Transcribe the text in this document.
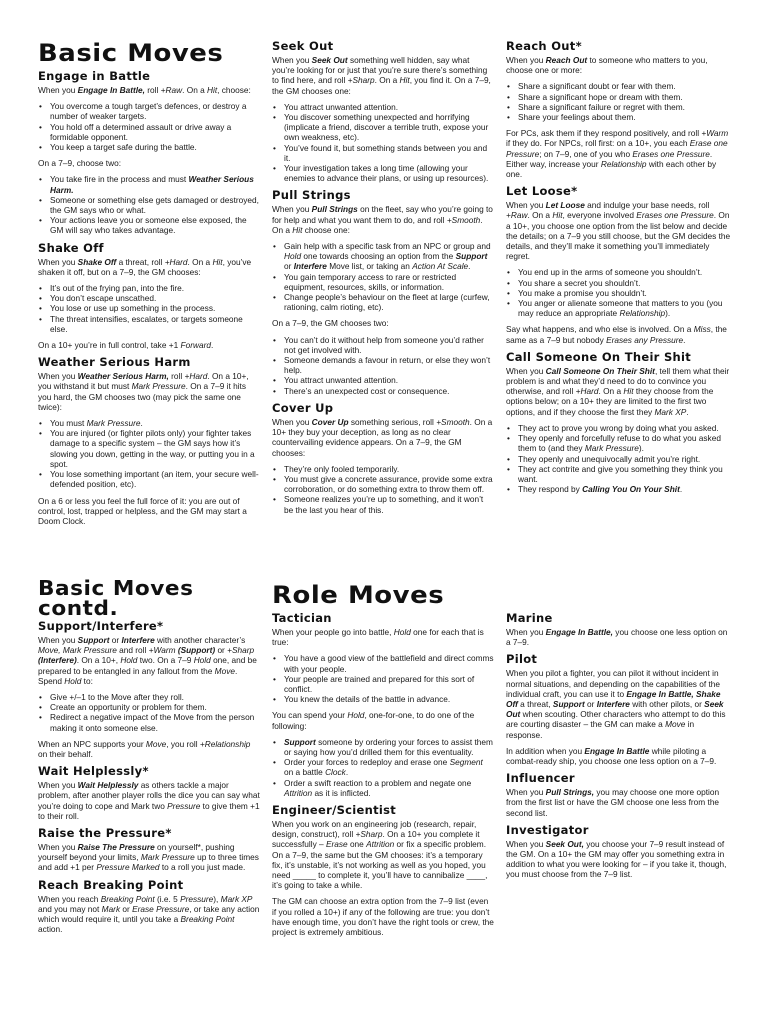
Basic Moves
Engage in Battle

When you Engage In Battle, roll +Raw. On a Hit, choose:

• You overcome a tough target’s defences, or destroy a number of weaker targets.
• You hold off a determined assault or drive away a formidable opponent.
• You keep a target safe during the battle.

On a 7–9, choose two:

• You take fire in the process and must Weather Serious Harm.
• Someone or something else gets damaged or destroyed, the GM says who or what.
• Your actions leave you or someone else exposed, the GM will say who takes advantage.
Shake Off

When you Shake Off a threat, roll +Hard. On a Hit, you’ve shaken it off, but on a 7–9, the GM chooses:

• It’s out of the frying pan, into the fire.
• You don’t escape unscathed.
• You lose or use up something in the process.
• The threat intensifies, escalates, or targets someone else.

On a 10+ you’re in full control, take +1 Forward.

Weather Serious Harm

When you Weather Serious Harm, roll +Hard. On a 10+, you withstand it but must Mark Pressure. On a 7–9 it hits you hard, the GM chooses two (may pick the same one twice):

• You must Mark Pressure.
• You are injured (or fighter pilots only) your fighter takes damage to a specific system – the GM says how it’s slowing you down, getting in the way, or putting you in a spot.
• You lose something important (an item, your secure well-defended position, etc).

On a 6 or less you feel the full force of it: you are out of control, lost, trapped or helpless, and the GM may start a Doom Clock.

Seek Out

When you Seek Out something well hidden, say what you’re looking for or just that you’re sure there’s something to find here, and roll +Sharp. On a Hit, you find it. On a 7–9, the GM chooses one:

• You attract unwanted attention.
• You discover something unexpected and horrifying (implicate a friend, discover a terrible truth, expose your own weakness, etc).
• You’ve found it, but something stands between you and it.
• Your investigation takes a long time (allowing your enemies to advance their plans, or using up resources).
Pull Strings

When you Pull Strings on the fleet, say who you’re going to for help and what you want them to do, and roll +Smooth. On a Hit choose one:

• Gain help with a specific task from an NPC or group and Hold one towards choosing an option from the Support or Interfere Move list, or taking an Action At Scale.
• You gain temporary access to rare or restricted equipment, resources, skills, or information.
• Change people’s behaviour on the fleet at large (curfew, rationing, calm rioting, etc).

On a 7–9, the GM chooses two:

• You can’t do it without help from someone you’d rather not get involved with.
• Someone demands a favour in return, or else they won’t help.
• You attract unwanted attention.
• There’s an unexpected cost or consequence.
Cover Up

When you Cover Up something serious, roll +Smooth. On a 10+ they buy your deception, as long as no clear countervailing evidence appears. On a 7–9, the GM chooses:

• They’re only fooled temporarily.
• You must give a concrete assurance, provide some extra corroboration, or do something extra to throw them off.
• Someone realizes you’re up to something, and it won’t be the last you hear of this.
Reach Out*

When you Reach Out to someone who matters to you, choose one or more:

• Share a significant doubt or fear with them.
• Share a significant hope or dream with them.
• Share a significant failure or regret with them.
• Share your feelings about them.

For PCs, ask them if they respond positively, and roll +Warm if they do. For NPCs, roll first: on a 10+, you each Erase one Pressure; on 7–9, one of you who Erases one Pressure. Either way, increase your Relationship with each other by one.

Let Loose*

When you Let Loose and indulge your base needs, roll +Raw. On a Hit, everyone involved Erases one Pressure. On a 10+, you choose one option from the list below and decide the details; on a 7–9 you still choose, but the GM decides the details, and they’ll make it something you’ll immediately regret.

• You end up in the arms of someone you shouldn’t.
• You share a secret you shouldn’t.
• You make a promise you shouldn’t.
• You anger or alienate someone that matters to you (you may reduce an appropriate Relationship).

Say what happens, and who else is involved. On a Miss, the same as a 7–9 but nobody Erases any Pressure.

Call Someone On Their Shit

When you Call Someone On Their Shit, tell them what their problem is and what they’d need to do to convince you otherwise, and roll +Hard. On a Hit they choose from the options below; on a 10+ they are limited to the first two options, and if they choose the first they Mark XP.

• They act to prove you wrong by doing what you asked.
• They openly and forcefully refuse to do what you asked them to (and they Mark Pressure).
• They openly and unequivocally admit you’re right.
• They act contrite and give you something they think you want.
• They respond by Calling You On Your Shit.
Basic Moves contd.
Support/Interfere*

When you Support or Interfere with another character’s Move, Mark Pressure and roll +Warm (Support) or +Sharp (Interfere). On a 10+, Hold two. On a 7–9 Hold one, and be prepared to be entangled in any fallout from the Move. Spend Hold to:

• Give +/–1 to the Move after they roll.
• Create an opportunity or problem for them.
• Redirect a negative impact of the Move from the person making it onto someone else.

When an NPC supports your Move, you roll +Relationship on their behalf.

Wait Helplessly*

When you Wait Helplessly as others tackle a major problem, after another player rolls the dice you can say what you’re doing to cope and Mark two Pressure to give them +1 to their roll.

Raise the Pressure*

When you Raise The Pressure on yourself*, pushing yourself beyond your limits, Mark Pressure up to three times and add +1 per Pressure Marked to a roll you just made.

Reach Breaking Point

When you reach Breaking Point (i.e. 5 Pressure), Mark XP and you may not Mark or Erase Pressure, or take any action which would require it, until you take a Breaking Point action.

Role Moves
Tactician

When your people go into battle, Hold one for each that is true:

• You have a good view of the battlefield and direct comms with your people.
• Your people are trained and prepared for this sort of conflict.
• You knew the details of the battle in advance.

You can spend your Hold, one-for-one, to do one of the following:

• Support someone by ordering your forces to assist them or saying how you’d drilled them for this eventuality.
• Order your forces to redeploy and erase one Segment on a battle Clock.
• Order a swift reaction to a problem and negate one Attrition as it is inflicted.
Engineer/Scientist

When you work on an engineering job (research, repair, design, construct), roll +Sharp. On a 10+ you complete it successfully – Erase one Attrition or fix a specific problem. On a 7–9, the same but the GM chooses: it’s a temporary fix, it’s unstable, it’s not working as well as you hoped, you need _____ to complete it, you’ll have to cannibalize ____, it’s going to take a while.

The GM can choose an extra option from the 7–9 list (even if you rolled a 10+) if any of the following are true: you don’t have enough time, you don’t have the right tools or crew, the project is extremely ambitious.

Marine

When you Engage In Battle, you choose one less option on a 7–9.

Pilot

When you pilot a fighter, you can pilot it without incident in normal situations, and depending on the capabilities of the individual craft, you can use it to Engage In Battle, Shake Off a threat, Support or Interfere with other pilots, or Seek Out when scouting. Other characters who attempt to do this are courting disaster – the GM can make a Move in response.

In addition when you Engage In Battle while piloting a combat-ready ship, you choose one less option on a 7–9.

Influencer

When you Pull Strings, you may choose one more option from the first list or have the GM choose one less from the second list.

Investigator

When you Seek Out, you choose your 7–9 result instead of the GM. On a 10+ the GM may offer you something extra in addition to what you were looking for – if you take it, though, you must choose from the 7–9 list.
